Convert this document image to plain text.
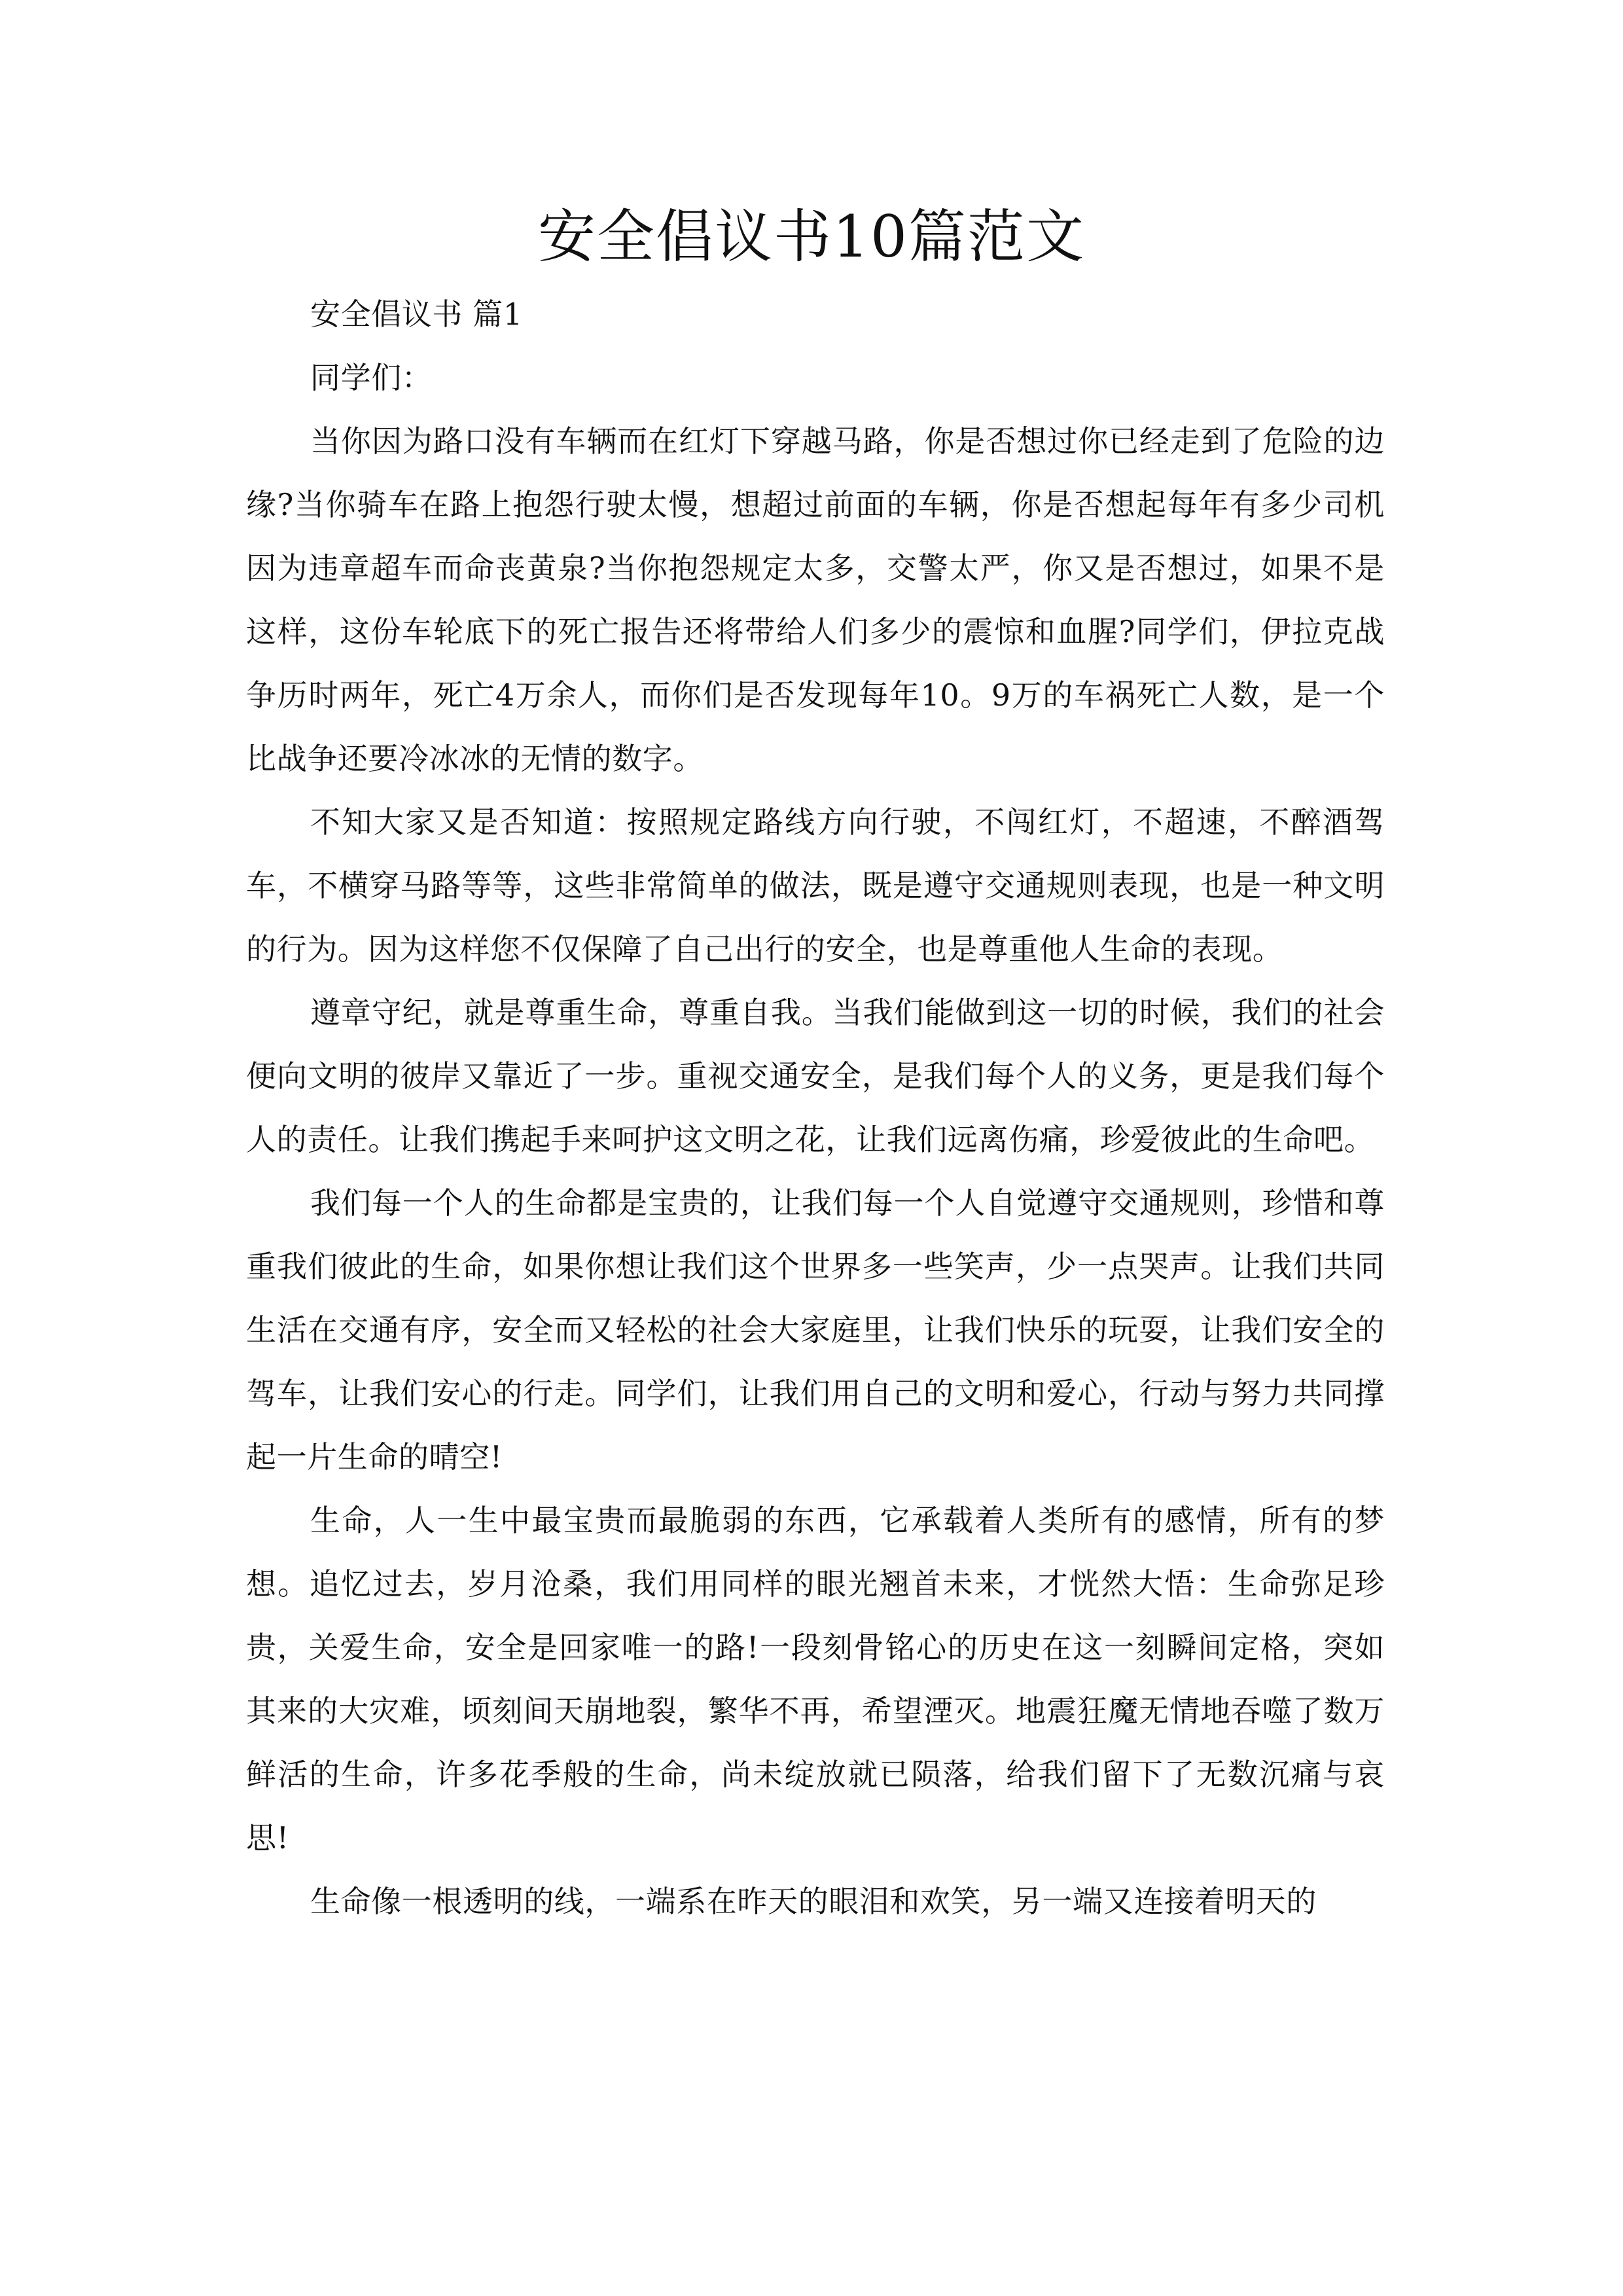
安全倡议书10篇范文

安全倡议书 篇1

同学们：

当你因为路口没有车辆而在红灯下穿越马路，你是否想过你已经走到了危险的边缘?当你骑车在路上抱怨行驶太慢，想超过前面的车辆，你是否想起每年有多少司机因为违章超车而命丧黄泉?当你抱怨规定太多，交警太严，你又是否想过，如果不是这样，这份车轮底下的死亡报告还将带给人们多少的震惊和血腥?同学们，伊拉克战争历时两年，死亡4万余人，而你们是否发现每年10。9万的车祸死亡人数，是一个比战争还要冷冰冰的无情的数字。

不知大家又是否知道：按照规定路线方向行驶，不闯红灯，不超速，不醉酒驾车，不横穿马路等等，这些非常简单的做法，既是遵守交通规则表现，也是一种文明的行为。因为这样您不仅保障了自己出行的安全，也是尊重他人生命的表现。

遵章守纪，就是尊重生命，尊重自我。当我们能做到这一切的时候，我们的社会便向文明的彼岸又靠近了一步。重视交通安全，是我们每个人的义务，更是我们每个人的责任。让我们携起手来呵护这文明之花，让我们远离伤痛，珍爱彼此的生命吧。

我们每一个人的生命都是宝贵的，让我们每一个人自觉遵守交通规则，珍惜和尊重我们彼此的生命，如果你想让我们这个世界多一些笑声，少一点哭声。让我们共同生活在交通有序，安全而又轻松的社会大家庭里，让我们快乐的玩耍，让我们安全的驾车，让我们安心的行走。同学们，让我们用自己的文明和爱心，行动与努力共同撑起一片生命的晴空!

生命，人一生中最宝贵而最脆弱的东西，它承载着人类所有的感情，所有的梦想。追忆过去，岁月沧桑，我们用同样的眼光翘首未来，才恍然大悟：生命弥足珍贵，关爱生命，安全是回家唯一的路!一段刻骨铭心的历史在这一刻瞬间定格，突如其来的大灾难，顷刻间天崩地裂，繁华不再，希望湮灭。地震狂魔无情地吞噬了数万鲜活的生命，许多花季般的生命，尚未绽放就已陨落，给我们留下了无数沉痛与哀思!

生命像一根透明的线，一端系在昨天的眼泪和欢笑，另一端又连接着明天的
